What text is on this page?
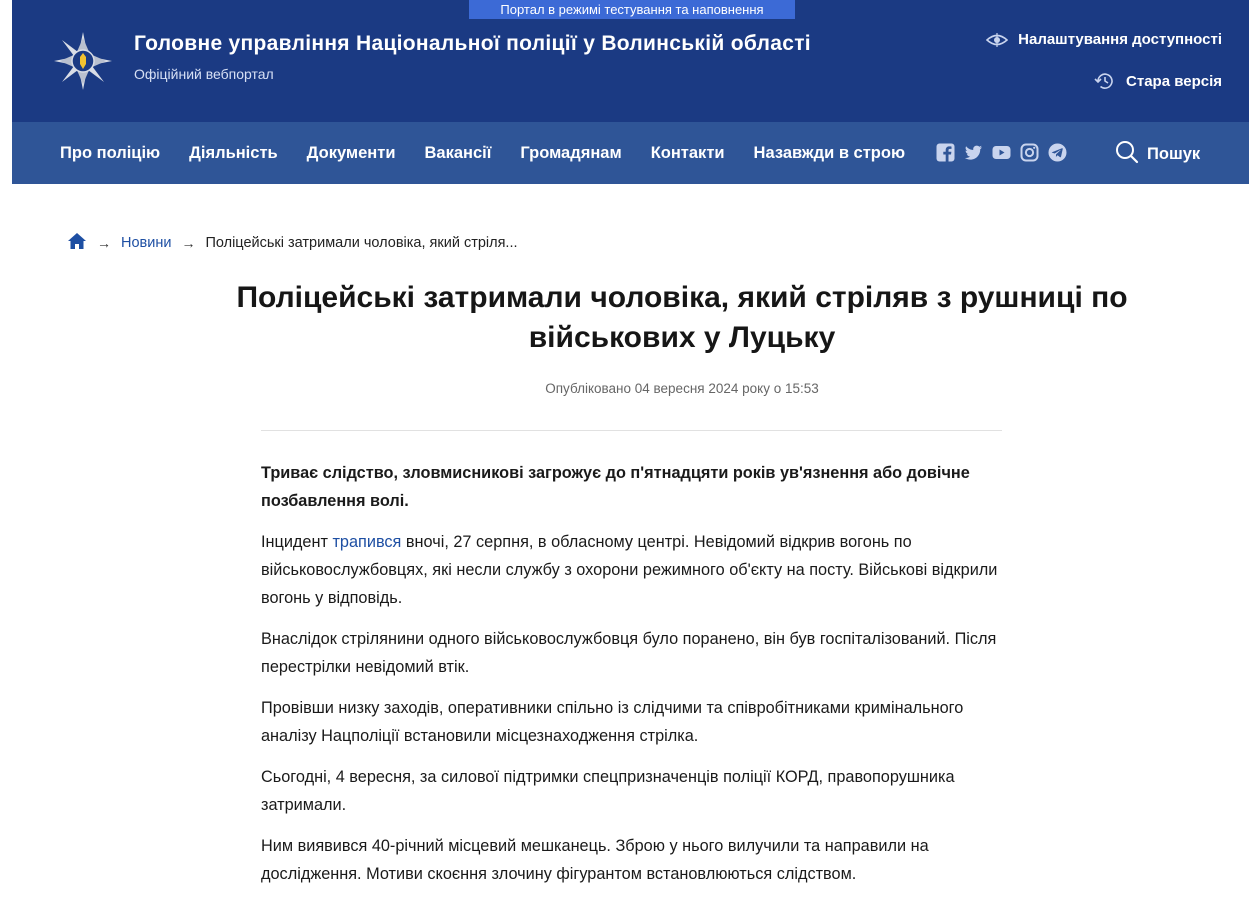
Портал в режимі тестування та наповнення
Головне управління Національної поліції у Волинській області
Офіційний вебпортал
Налаштування доступності
Стара версія
Про поліцію Діяльність Документи Вакансії Громадянам Контакти Назавжди в строю	Пошук
→ Новини → Поліцейські затримали чоловіка, який стріля...
Поліцейські затримали чоловіка, який стріляв з рушниці по військових у Луцьку
Опубліковано 04 вересня 2024 року о 15:53

Триває слідство, зловмисникові загрожує до п'ятнадцяти років ув'язнення або довічне позбавлення волі.

Інцидент трапився вночі, 27 серпня, в обласному центрі. Невідомий відкрив вогонь по військовослужбовцях, які несли службу з охорони режимного об'єкту на посту. Військові відкрили вогонь у відповідь.

Внаслідок стрілянини одного військовослужбовця було поранено, він був госпіталізований. Після перестрілки невідомий втік.

Провівши низку заходів, оперативники спільно із слідчими та співробітниками кримінального аналізу Нацполіції встановили місцезнаходження стрілка.

Сьогодні, 4 вересня, за силової підтримки спецпризначенців поліції КОРД, правопорушника затримали.

Ним виявився 40-річний місцевий мешканець. Зброю у нього вилучили та направили на дослідження. Мотиви скоєння злочину фігурантом встановлюються слідством.
